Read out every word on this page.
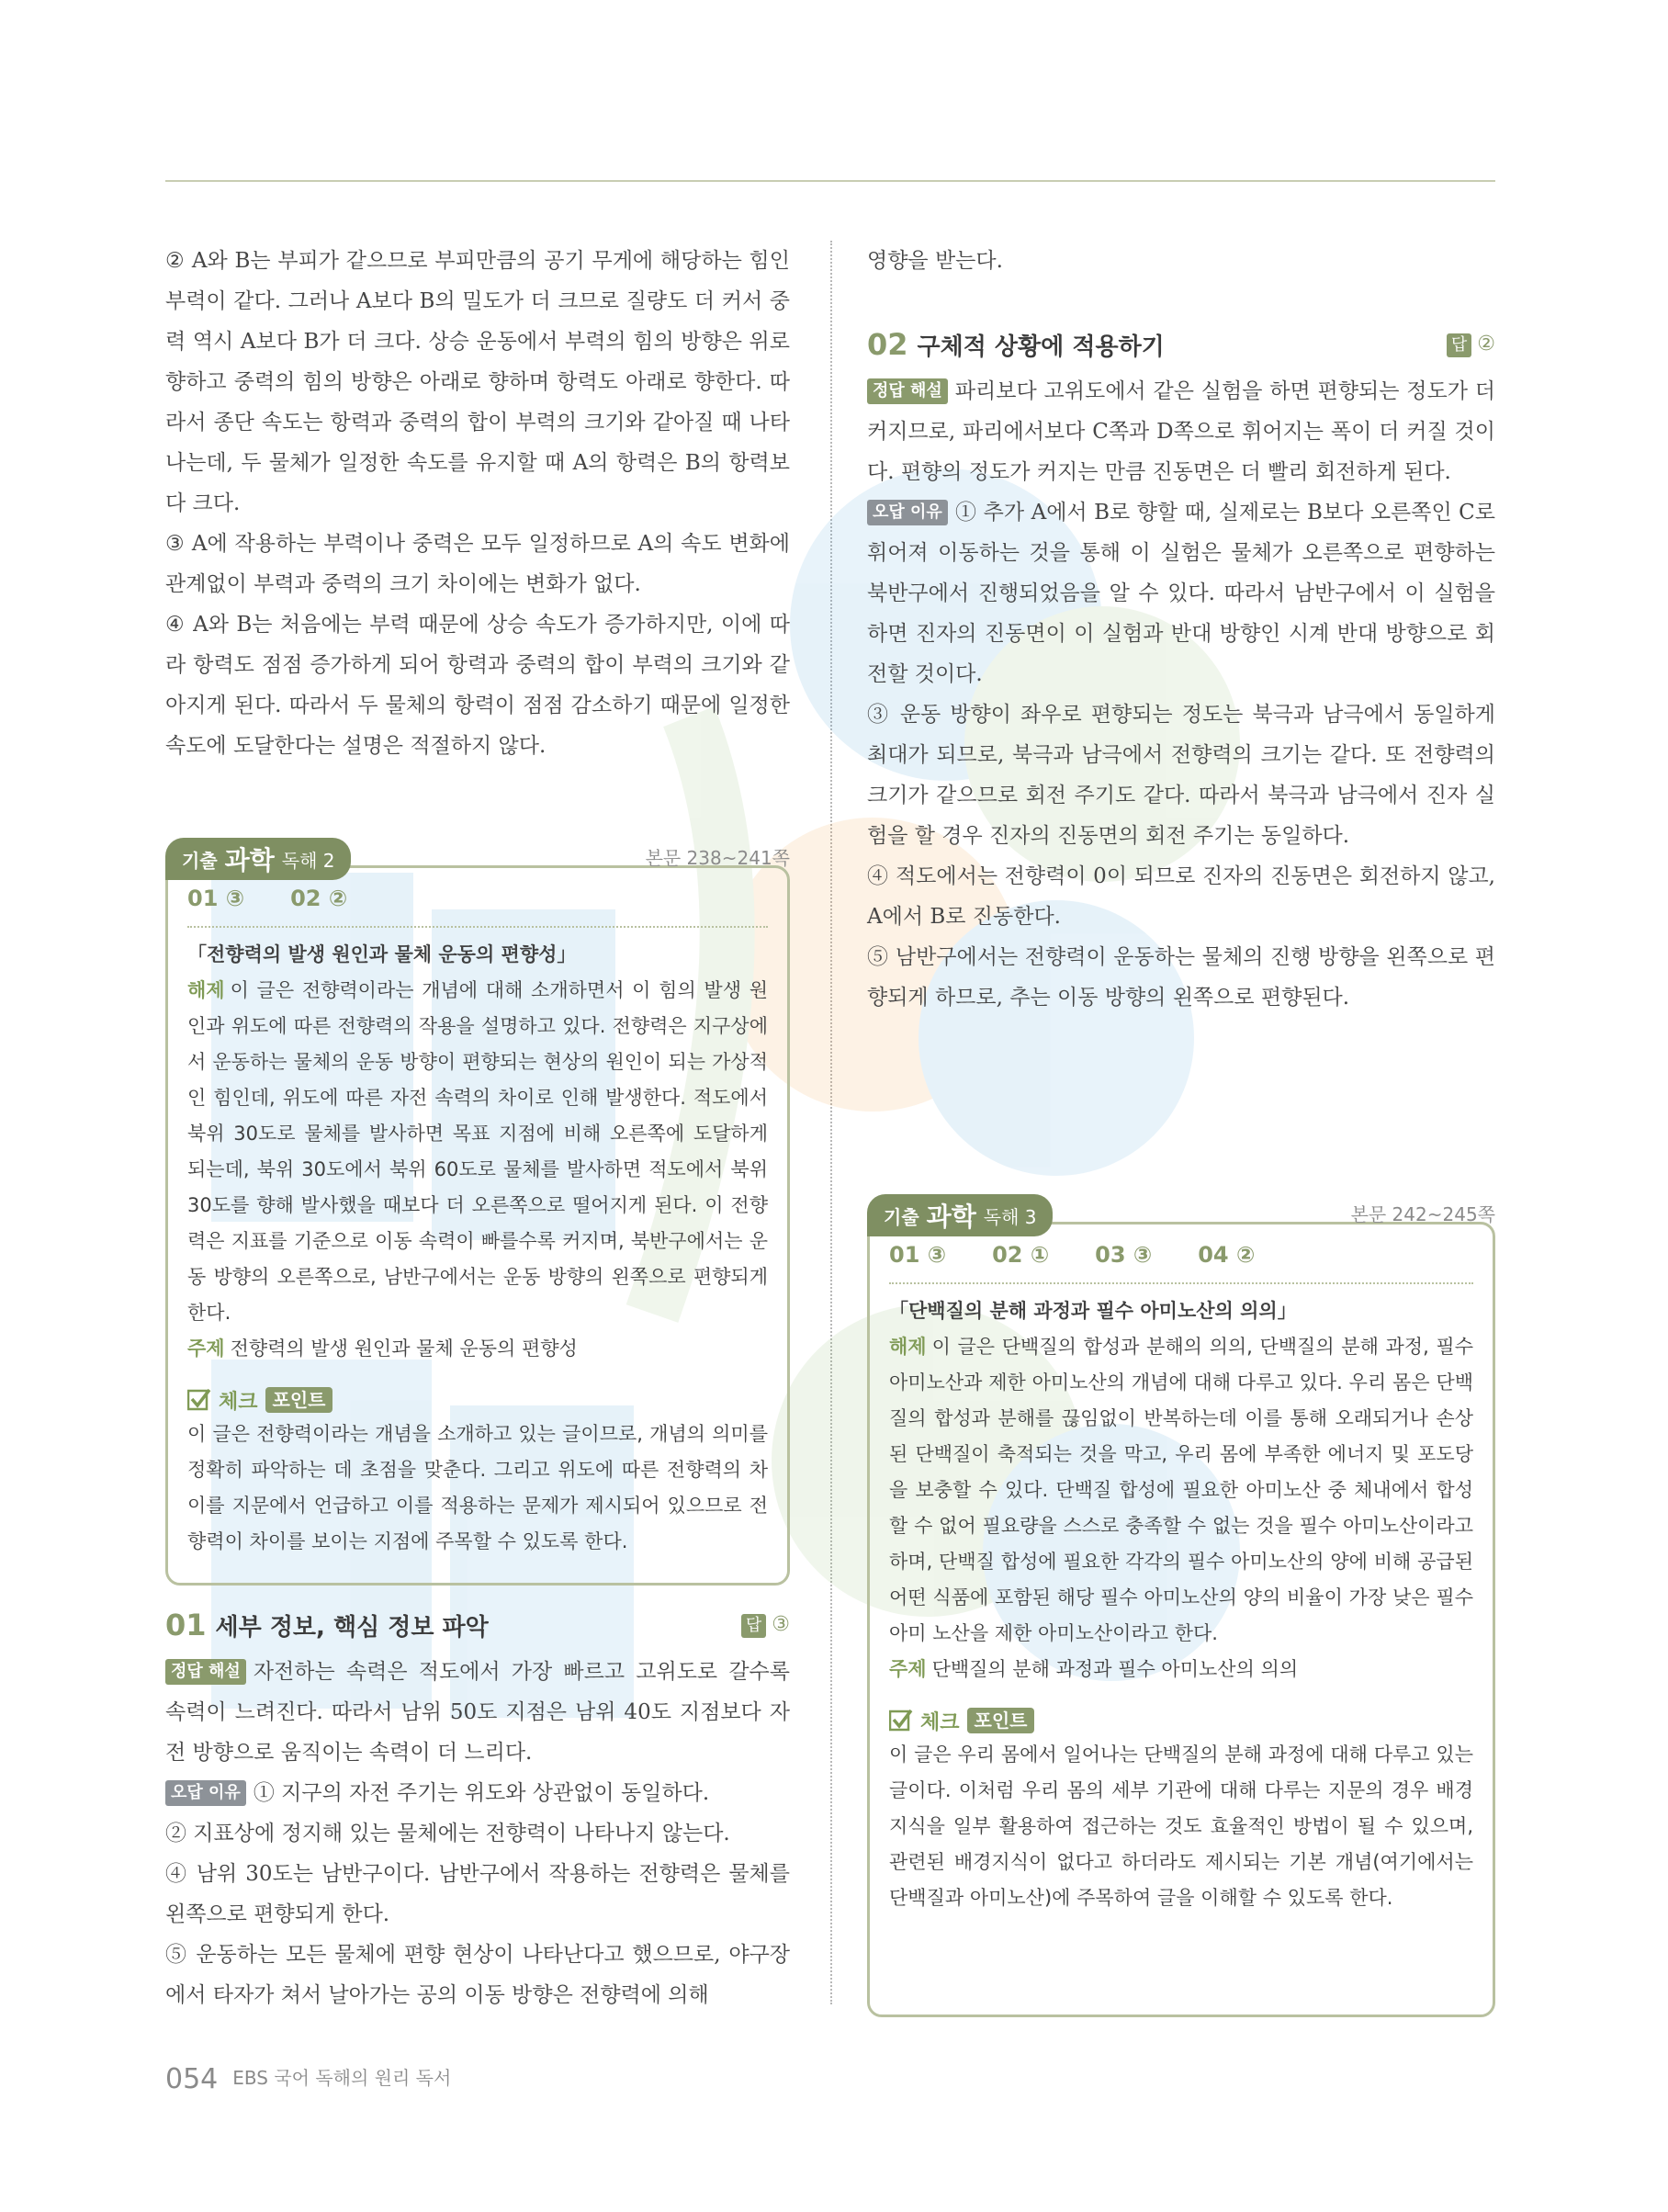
② A와 B는 부피가 같으므로 부피만큼의 공기 무게에 해당하는 힘인 부력이 같다. 그러나 A보다 B의 밀도가 더 크므로 질량도 더 커서 중력 역시 A보다 B가 더 크다. 상승 운동에서 부력의 힘의 방향은 위로 향하고 중력의 힘의 방향은 아래로 향하며 항력도 아래로 향한다. 따라서 종단 속도는 항력과 중력의 합이 부력의 크기와 같아질 때 나타나는데, 두 물체가 일정한 속도를 유지할 때 A의 항력은 B의 항력보다 크다.

③ A에 작용하는 부력이나 중력은 모두 일정하므로 A의 속도 변화에 관계없이 부력과 중력의 크기 차이에는 변화가 없다.

④ A와 B는 처음에는 부력 때문에 상승 속도가 증가하지만, 이에 따라 항력도 점점 증가하게 되어 항력과 중력의 합이 부력의 크기와 같아지게 된다. 따라서 두 물체의 항력이 점점 감소하기 때문에 일정한 속도에 도달한다는 설명은 적절하지 않다.

기출 과학 독해 2	본문 238~241쪽
01 ③ 02 ②

「전향력의 발생 원인과 물체 운동의 편향성」

해제 이 글은 전향력이라는 개념에 대해 소개하면서 이 힘의 발생 원인과 위도에 따른 전향력의 작용을 설명하고 있다. 전향력은 지구상에서 운동하는 물체의 운동 방향이 편향되는 현상의 원인이 되는 가상적인 힘인데, 위도에 따른 자전 속력의 차이로 인해 발생한다. 적도에서 북위 30도로 물체를 발사하면 목표 지점에 비해 오른쪽에 도달하게 되는데, 북위 30도에서 북위 60도로 물체를 발사하면 적도에서 북위 30도를 향해 발사했을 때보다 더 오른쪽으로 떨어지게 된다. 이 전향력은 지표를 기준으로 이동 속력이 빠를수록 커지며, 북반구에서는 운동 방향의 오른쪽으로, 남반구에서는 운동 방향의 왼쪽으로 편향되게 한다.

주제 전향력의 발생 원인과 물체 운동의 편향성

체크 포인트

이 글은 전향력이라는 개념을 소개하고 있는 글이므로, 개념의 의미를 정확히 파악하는 데 초점을 맞춘다. 그리고 위도에 따른 전향력의 차이를 지문에서 언급하고 이를 적용하는 문제가 제시되어 있으므로 전향력이 차이를 보이는 지점에 주목할 수 있도록 한다.

01 세부 정보, 핵심 정보 파악	답 ③

정답 해설 자전하는 속력은 적도에서 가장 빠르고 고위도로 갈수록 속력이 느려진다. 따라서 남위 50도 지점은 남위 40도 지점보다 자전 방향으로 움직이는 속력이 더 느리다.

오답 이유 ① 지구의 자전 주기는 위도와 상관없이 동일하다.

② 지표상에 정지해 있는 물체에는 전향력이 나타나지 않는다.

④ 남위 30도는 남반구이다. 남반구에서 작용하는 전향력은 물체를 왼쪽으로 편향되게 한다.

⑤ 운동하는 모든 물체에 편향 현상이 나타난다고 했으므로, 야구장에서 타자가 쳐서 날아가는 공의 이동 방향은 전향력에 의해

영향을 받는다.

02 구체적 상황에 적용하기	답 ②

정답 해설 파리보다 고위도에서 같은 실험을 하면 편향되는 정도가 더 커지므로, 파리에서보다 C쪽과 D쪽으로 휘어지는 폭이 더 커질 것이다. 편향의 정도가 커지는 만큼 진동면은 더 빨리 회전하게 된다.

오답 이유 ① 추가 A에서 B로 향할 때, 실제로는 B보다 오른쪽인 C로 휘어져 이동하는 것을 통해 이 실험은 물체가 오른쪽으로 편향하는 북반구에서 진행되었음을 알 수 있다. 따라서 남반구에서 이 실험을 하면 진자의 진동면이 이 실험과 반대 방향인 시계 반대 방향으로 회전할 것이다.

③ 운동 방향이 좌우로 편향되는 정도는 북극과 남극에서 동일하게 최대가 되므로, 북극과 남극에서 전향력의 크기는 같다. 또 전향력의 크기가 같으므로 회전 주기도 같다. 따라서 북극과 남극에서 진자 실험을 할 경우 진자의 진동면의 회전 주기는 동일하다.

④ 적도에서는 전향력이 0이 되므로 진자의 진동면은 회전하지 않고, A에서 B로 진동한다.

⑤ 남반구에서는 전향력이 운동하는 물체의 진행 방향을 왼쪽으로 편향되게 하므로, 추는 이동 방향의 왼쪽으로 편향된다.

기출 과학 독해 3	본문 242~245쪽
01 ③ 02 ① 03 ③ 04 ②

「단백질의 분해 과정과 필수 아미노산의 의의」

해제 이 글은 단백질의 합성과 분해의 의의, 단백질의 분해 과정, 필수 아미노산과 제한 아미노산의 개념에 대해 다루고 있다. 우리 몸은 단백질의 합성과 분해를 끊임없이 반복하는데 이를 통해 오래되거나 손상된 단백질이 축적되는 것을 막고, 우리 몸에 부족한 에너지 및 포도당을 보충할 수 있다. 단백질 합성에 필요한 아미노산 중 체내에서 합성할 수 없어 필요량을 스스로 충족할 수 없는 것을 필수 아미노산이라고 하며, 단백질 합성에 필요한 각각의 필수 아미노산의 양에 비해 공급된 어떤 식품에 포함된 해당 필수 아미노산의 양의 비율이 가장 낮은 필수 아미 노산을 제한 아미노산이라고 한다.

주제 단백질의 분해 과정과 필수 아미노산의 의의

체크 포인트

이 글은 우리 몸에서 일어나는 단백질의 분해 과정에 대해 다루고 있는 글이다. 이처럼 우리 몸의 세부 기관에 대해 다루는 지문의 경우 배경지식을 일부 활용하여 접근하는 것도 효율적인 방법이 될 수 있으며, 관련된 배경지식이 없다고 하더라도 제시되는 기본 개념(여기에서는 단백질과 아미노산)에 주목하여 글을 이해할 수 있도록 한다.

054 EBS 국어 독해의 원리 독서
